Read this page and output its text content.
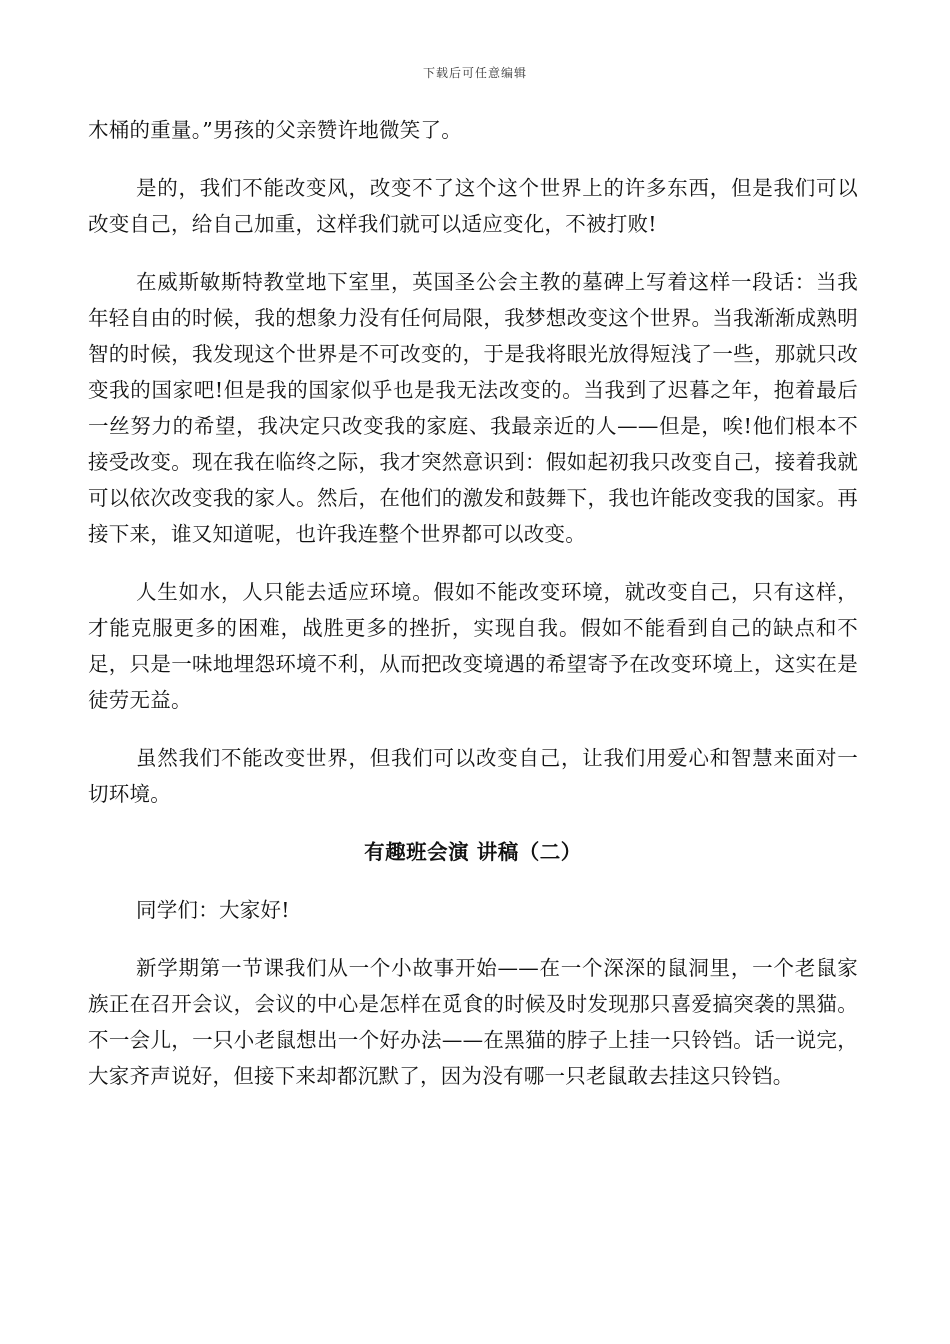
下载后可任意编辑

木桶的重量。”男孩的父亲赞许地微笑了。

是的，我们不能改变风，改变不了这个这个世界上的许多东西，但是我们可以改变自己，给自己加重，这样我们就可以适应变化，不被打败!

在威斯敏斯特教堂地下室里，英国圣公会主教的墓碑上写着这样一段话：当我年轻自由的时候，我的想象力没有任何局限，我梦想改变这个世界。当我渐渐成熟明智的时候，我发现这个世界是不可改变的，于是我将眼光放得短浅了一些，那就只改变我的国家吧!但是我的国家似乎也是我无法改变的。当我到了迟暮之年，抱着最后一丝努力的希望，我决定只改变我的家庭、我最亲近的人——但是，唉!他们根本不接受改变。现在我在临终之际，我才突然意识到：假如起初我只改变自己，接着我就可以依次改变我的家人。然后，在他们的激发和鼓舞下，我也许能改变我的国家。再接下来，谁又知道呢，也许我连整个世界都可以改变。

人生如水，人只能去适应环境。假如不能改变环境，就改变自己，只有这样，才能克服更多的困难，战胜更多的挫折，实现自我。假如不能看到自己的缺点和不足，只是一味地埋怨环境不利，从而把改变境遇的希望寄予在改变环境上，这实在是徒劳无益。

虽然我们不能改变世界，但我们可以改变自己，让我们用爱心和智慧来面对一切环境。

有趣班会演 讲稿（二）

同学们：大家好!

新学期第一节课我们从一个小故事开始——在一个深深的鼠洞里，一个老鼠家族正在召开会议，会议的中心是怎样在觅食的时候及时发现那只喜爱搞突袭的黑猫。不一会儿，一只小老鼠想出一个好办法——在黑猫的脖子上挂一只铃铛。话一说完，大家齐声说好，但接下来却都沉默了，因为没有哪一只老鼠敢去挂这只铃铛。
